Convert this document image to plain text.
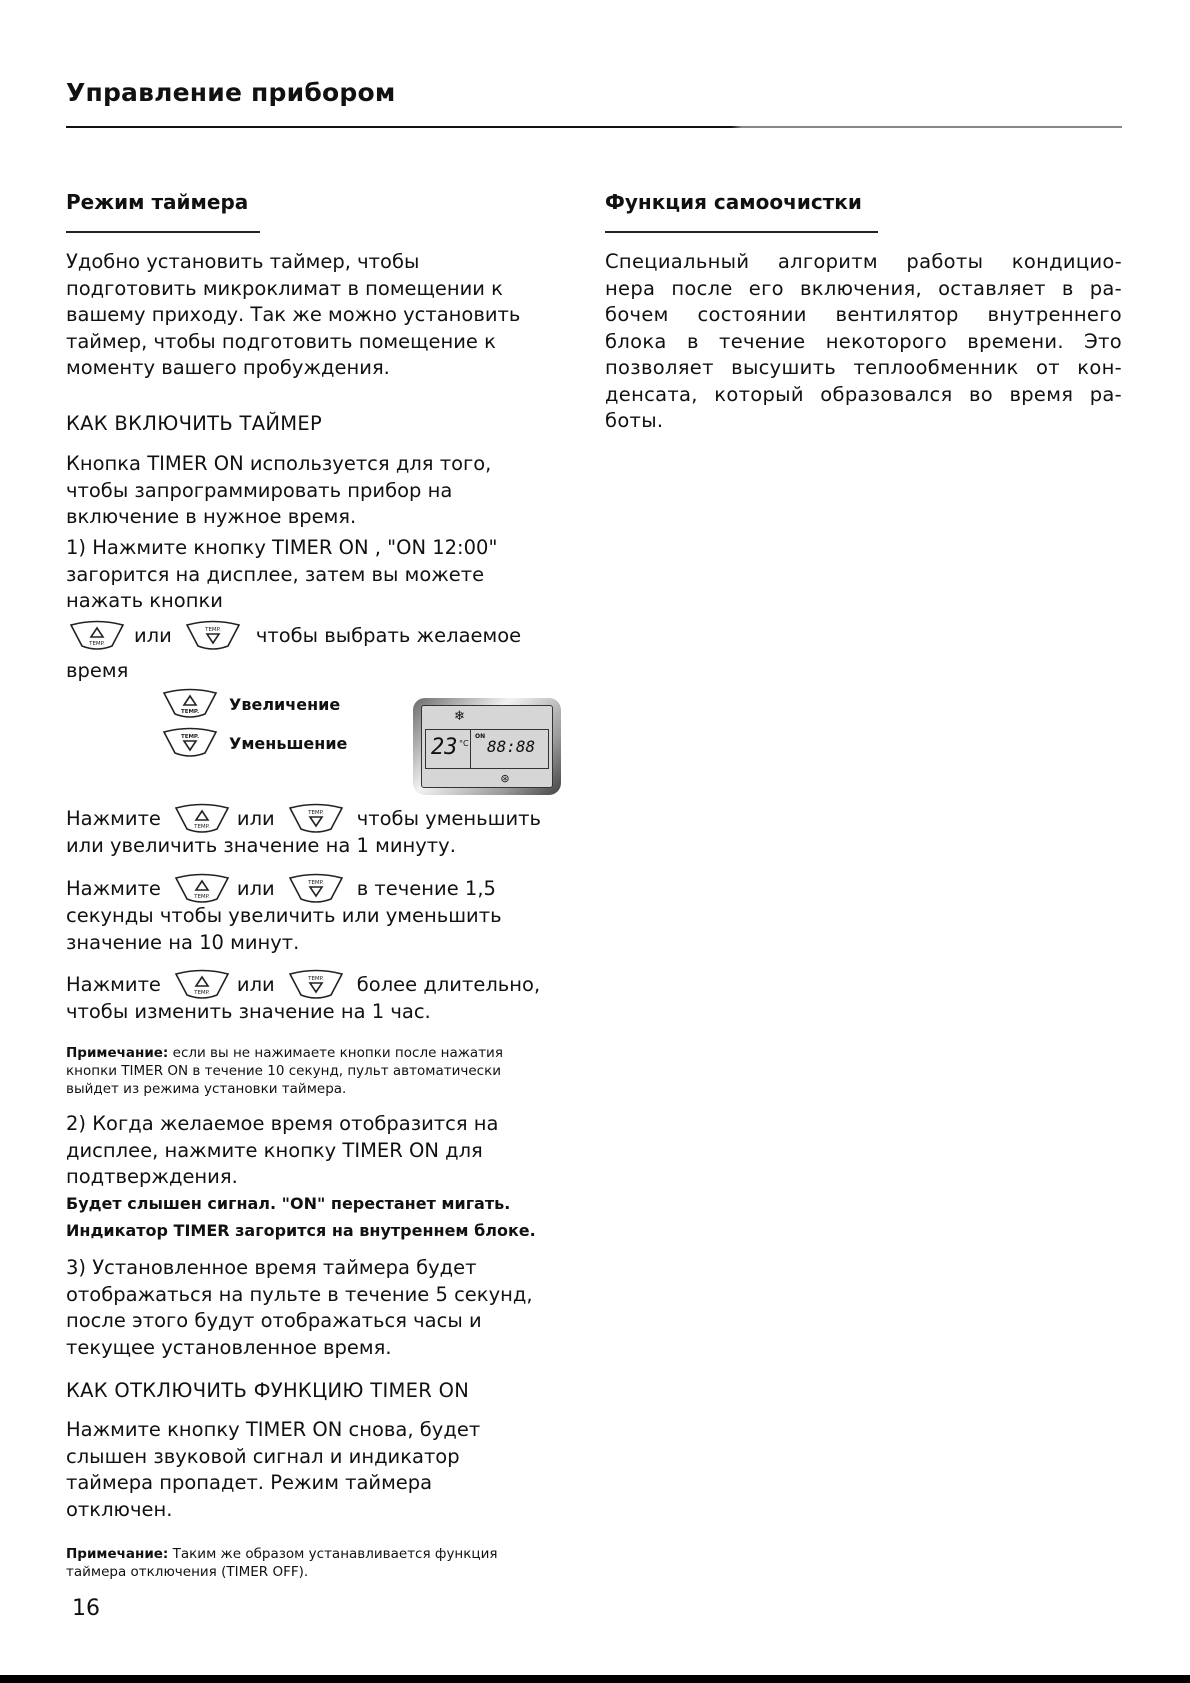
Управление прибором
Режим таймера
Удобно установить таймер, чтобы
подготовить микроклимат в помещении к
вашему приходу. Так же можно установить
таймер, чтобы подготовить помещение к
моменту вашего пробуждения.
КАК ВКЛЮЧИТЬ ТАЙМЕР
Кнопка TIMER ON используется для того,
чтобы запрограммировать прибор на
включение в нужное время.
1) Нажмите кнопку TIMER ON , "ON 12:00"
загорится на дисплее, затем вы можете
нажать кнопки
TEMP. или	TEMP. чтобы выбрать желаемое
время
TEMP. Увеличение
TEMP. Уменьшение
❄
23 °C
ON
88:88
⊛
Нажмите	TEMP. или	TEMP. чтобы уменьшить
или увеличить значение на 1 минуту.
Нажмите	TEMP. или	TEMP. в течение 1,5
секунды чтобы увеличить или уменьшить
значение на 10 минут.
Нажмите	TEMP. или	TEMP. более длительно,
чтобы изменить значение на 1 час.
Примечание: если вы не нажимаете кнопки после нажатия
кнопки TIMER ON в течение 10 секунд, пульт автоматически
выйдет из режима установки таймера.
2) Когда желаемое время отобразится на
дисплее, нажмите кнопку TIMER ON для
подтверждения.
Будет слышен сигнал. "ON" перестанет мигать.
Индикатор TIMER загорится на внутреннем блоке.
3) Установленное время таймера будет
отображаться на пульте в течение 5 секунд,
после этого будут отображаться часы и
текущее установленное время.
КАК ОТКЛЮЧИТЬ ФУНКЦИЮ TIMER ON
Нажмите кнопку TIMER ON снова, будет
слышен звуковой сигнал и индикатор
таймера пропадет. Режим таймера
отключен.
Примечание: Таким же образом устанавливается функция
таймера отключения (TIMER OFF).
Функция самоочистки
Специальный алгоритм работы кондицио-
нера после его включения, оставляет в ра-
бочем состоянии вентилятор внутреннего
блока в течение некоторого времени. Это
позволяет высушить теплообменник от кон-
денсата, который образовался во время ра-
боты.
16
